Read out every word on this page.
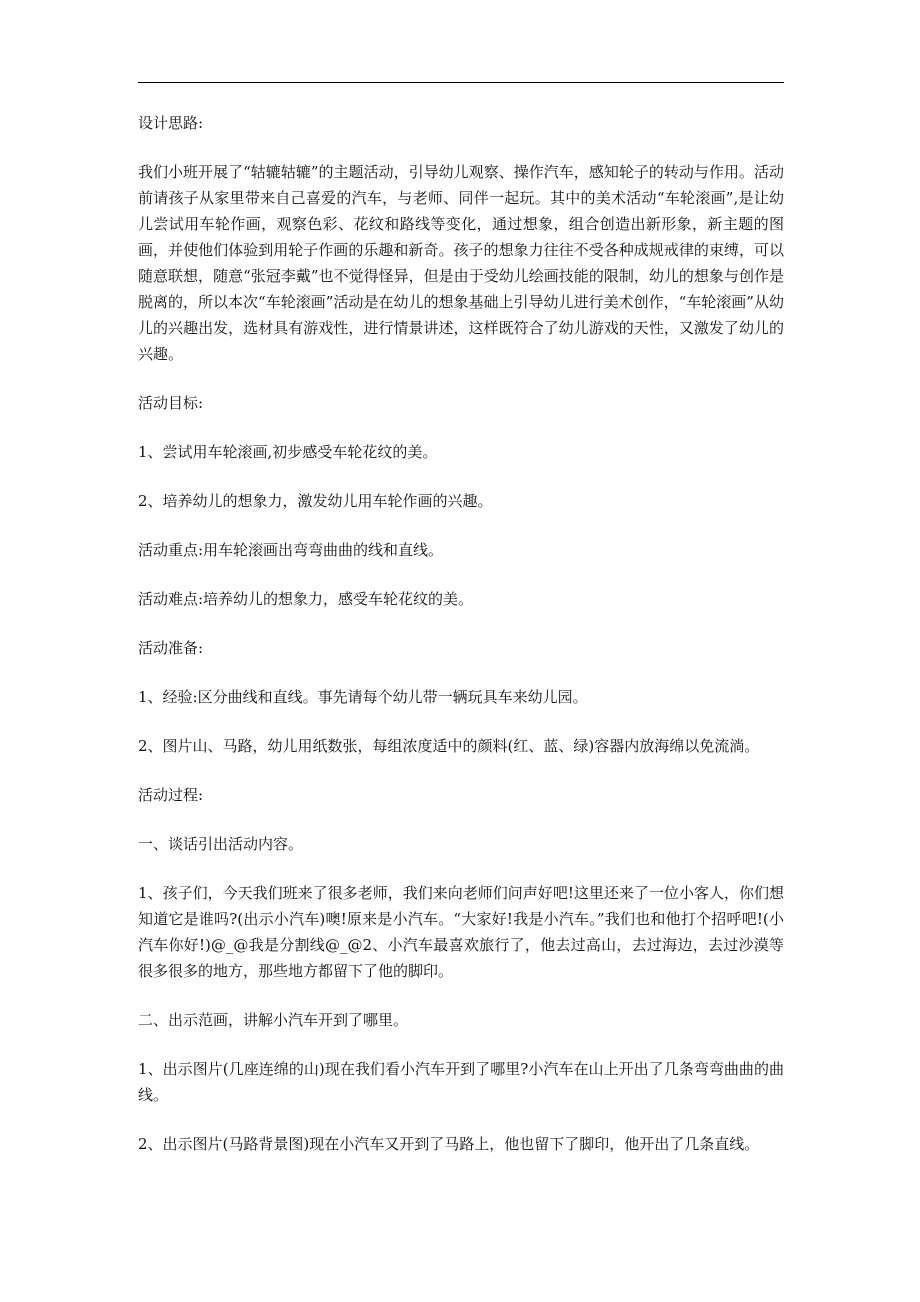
设计思路:

我们小班开展了“轱辘轱辘”的主题活动，引导幼儿观察、操作汽车，感知轮子的转动与作用。活动前请孩子从家里带来自己喜爱的汽车，与老师、同伴一起玩。其中的美术活动“车轮滚画”,是让幼儿尝试用车轮作画，观察色彩、花纹和路线等变化，通过想象，组合创造出新形象，新主题的图画，并使他们体验到用轮子作画的乐趣和新奇。孩子的想象力往往不受各种成规戒律的束缚，可以随意联想，随意“张冠李戴”也不觉得怪异，但是由于受幼儿绘画技能的限制，幼儿的想象与创作是脱离的，所以本次“车轮滚画”活动是在幼儿的想象基础上引导幼儿进行美术创作，“车轮滚画”从幼儿的兴趣出发，选材具有游戏性，进行情景讲述，这样既符合了幼儿游戏的天性，又激发了幼儿的兴趣。

活动目标:

1、尝试用车轮滚画,初步感受车轮花纹的美。

2、培养幼儿的想象力，激发幼儿用车轮作画的兴趣。

活动重点:用车轮滚画出弯弯曲曲的线和直线。

活动难点:培养幼儿的想象力，感受车轮花纹的美。

活动准备:

1、经验:区分曲线和直线。事先请每个幼儿带一辆玩具车来幼儿园。

2、图片山、马路，幼儿用纸数张，每组浓度适中的颜料(红、蓝、绿)容器内放海绵以免流淌。

活动过程:

一、谈话引出活动内容。

1、孩子们，今天我们班来了很多老师，我们来向老师们问声好吧!这里还来了一位小客人，你们想知道它是谁吗?(出示小汽车)噢!原来是小汽车。“大家好!我是小汽车。”我们也和他打个招呼吧!(小汽车你好!)@_@我是分割线@_@2、小汽车最喜欢旅行了，他去过高山，去过海边，去过沙漠等很多很多的地方，那些地方都留下了他的脚印。

二、出示范画，讲解小汽车开到了哪里。

1、出示图片(几座连绵的山)现在我们看小汽车开到了哪里?小汽车在山上开出了几条弯弯曲曲的曲线。

2、出示图片(马路背景图)现在小汽车又开到了马路上，他也留下了脚印，他开出了几条直线。
